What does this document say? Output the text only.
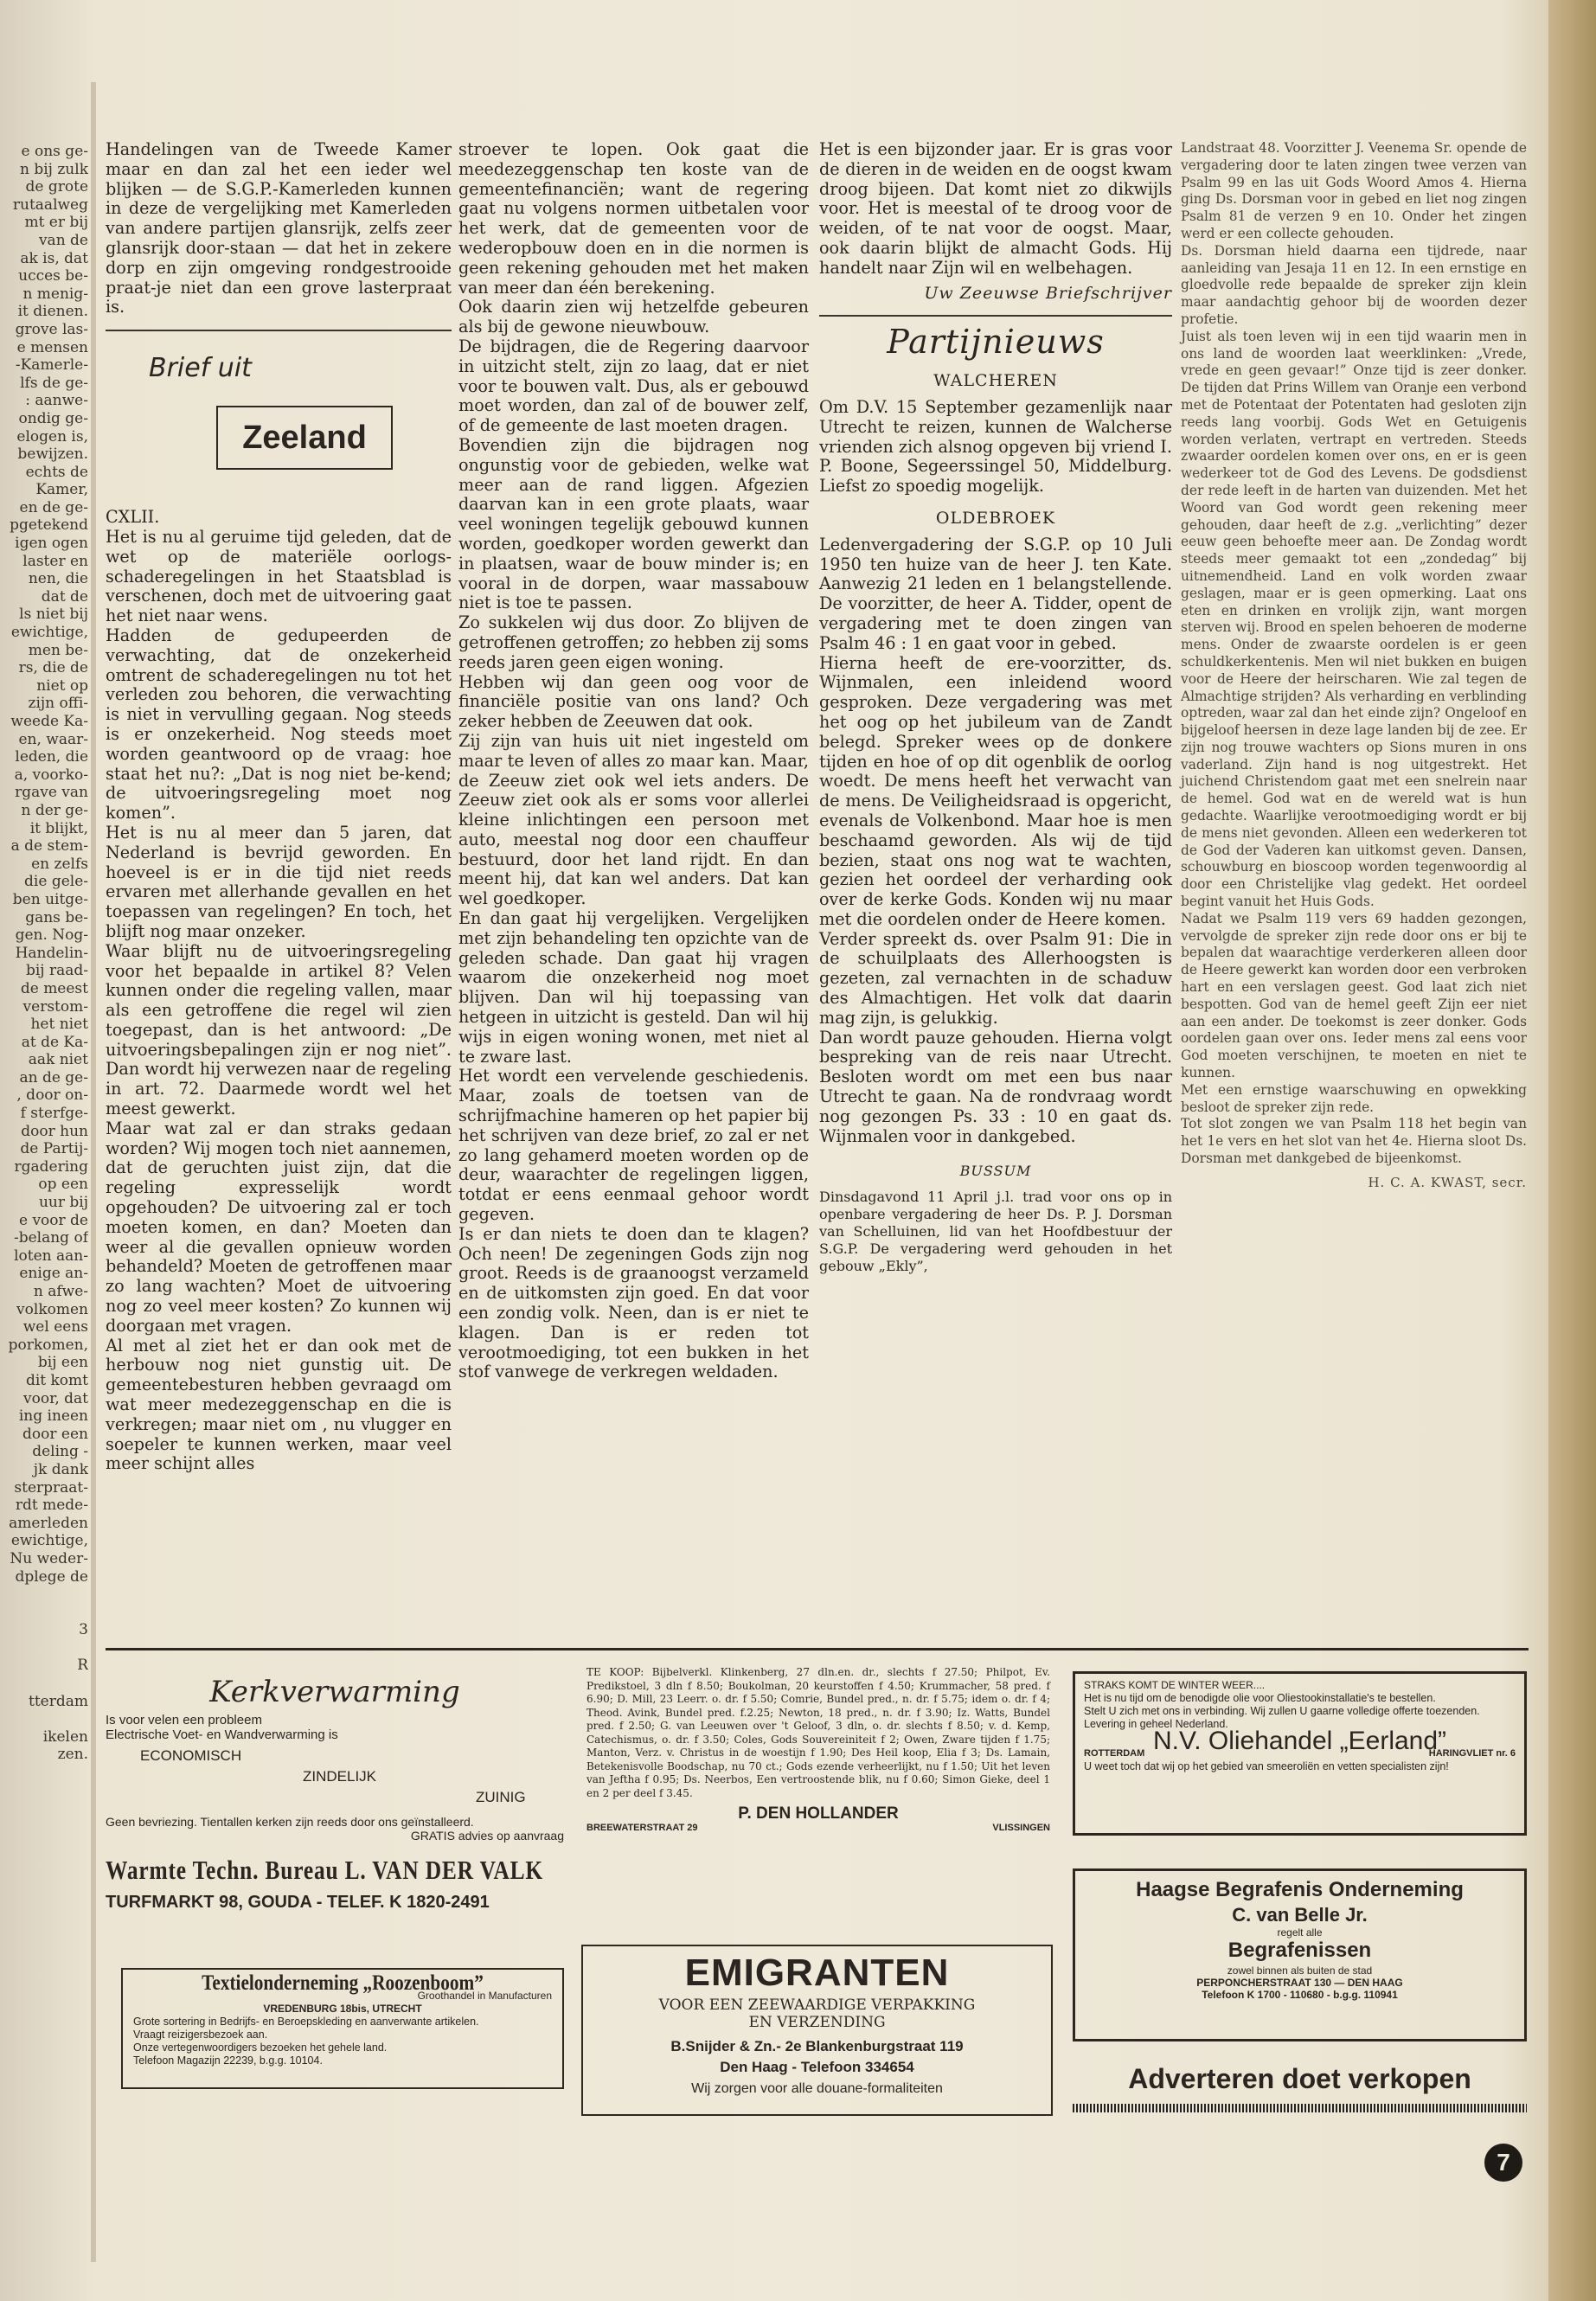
e ons ge-
n bij zulk
de grote
rutaalweg
mt er bij
van de
ak is, dat
ucces be-
n menig-
it dienen.
grove las-
e mensen
-Kamerle-
lfs de ge-
: aanwe-
ondig ge-
elogen is,
bewijzen.
echts de
Kamer,
en de ge-
pgetekend
igen ogen
laster en
nen, die
dat de
ls niet bij
ewichtige,
men be-
rs, die de
niet op
zijn offi-
weede Ka-
en, waar-
leden, die
a, voorko-
rgave van
n der ge-
it blijkt,
a de stem-
en zelfs
die gele-
ben uitge-
gans be-
gen. Nog-
Handelin-
bij raad-
de meest
verstom-
het niet
at de Ka-
aak niet
an de ge-
, door on-
f sterfge-
door hun
de Partij-
rgadering
op een
uur bij
e voor de
-belang of
loten aan-
enige an-
n afwe-
volkomen
wel eens
porkomen,
bij een
dit komt
voor, dat
ing ineen
door een
deling -
jk dank
sterpraat-
rdt mede-
amerleden
ewichtige,
Nu weder-
dplege de

3

R

tterdam

ikelen
zen.

Handelingen van de Tweede Kamer maar en dan zal het een ieder wel blijken — de S.G.P.-Kamerleden kunnen in deze de vergelijking met Kamerleden van andere partijen glansrijk, zelfs zeer glansrijk door-staan — dat het in zekere dorp en zijn omgeving rondgestrooide praat-je niet dan een grove lasterpraat is.

Brief uit
Zeeland

CXLII.

Het is nu al geruime tijd geleden, dat de wet op de materiële oorlogs-schaderegelingen in het Staatsblad is verschenen, doch met de uitvoering gaat het niet naar wens.

Hadden de gedupeerden de verwachting, dat de onzekerheid omtrent de schaderegelingen nu tot het verleden zou behoren, die verwachting is niet in vervulling gegaan. Nog steeds is er onzekerheid. Nog steeds moet worden geantwoord op de vraag: hoe staat het nu?: „Dat is nog niet be-kend; de uitvoeringsregeling moet nog komen”.

Het is nu al meer dan 5 jaren, dat Nederland is bevrijd geworden. En hoeveel is er in die tijd niet reeds ervaren met allerhande gevallen en het toepassen van regelingen? En toch, het blijft nog maar onzeker.

Waar blijft nu de uitvoeringsregeling voor het bepaalde in artikel 8? Velen kunnen onder die regeling vallen, maar als een getroffene die regel wil zien toegepast, dan is het antwoord: „De uitvoeringsbepalingen zijn er nog niet”. Dan wordt hij verwezen naar de regeling in art. 72. Daarmede wordt wel het meest gewerkt.

Maar wat zal er dan straks gedaan worden? Wij mogen toch niet aannemen, dat de geruchten juist zijn, dat die regeling expresselijk wordt opgehouden? De uitvoering zal er toch moeten komen, en dan? Moeten dan weer al die gevallen opnieuw worden behandeld? Moeten de getroffenen maar zo lang wachten? Moet de uitvoering nog zo veel meer kosten? Zo kunnen wij doorgaan met vragen.

Al met al ziet het er dan ook met de herbouw nog niet gunstig uit. De gemeentebesturen hebben gevraagd om wat meer medezeggenschap en die is verkregen; maar niet om , nu vlugger en soepeler te kunnen werken, maar veel meer schijnt alles

stroever te lopen. Ook gaat die meedezeggenschap ten koste van de gemeentefinanciën; want de regering gaat nu volgens normen uitbetalen voor het werk, dat de gemeenten voor de wederopbouw doen en in die normen is geen rekening gehouden met het maken van meer dan één berekening.

Ook daarin zien wij hetzelfde gebeuren als bij de gewone nieuwbouw.

De bijdragen, die de Regering daarvoor in uitzicht stelt, zijn zo laag, dat er niet voor te bouwen valt. Dus, als er gebouwd moet worden, dan zal of de bouwer zelf, of de gemeente de last moeten dragen.

Bovendien zijn die bijdragen nog ongunstig voor de gebieden, welke wat meer aan de rand liggen. Afgezien daarvan kan in een grote plaats, waar veel woningen tegelijk gebouwd kunnen worden, goedkoper worden gewerkt dan in plaatsen, waar de bouw minder is; en vooral in de dorpen, waar massabouw niet is toe te passen.

Zo sukkelen wij dus door. Zo blijven de getroffenen getroffen; zo hebben zij soms reeds jaren geen eigen woning.

Hebben wij dan geen oog voor de financiële positie van ons land? Och zeker hebben de Zeeuwen dat ook.

Zij zijn van huis uit niet ingesteld om maar te leven of alles zo maar kan. Maar, de Zeeuw ziet ook wel iets anders. De Zeeuw ziet ook als er soms voor allerlei kleine inlichtingen een persoon met auto, meestal nog door een chauffeur bestuurd, door het land rijdt. En dan meent hij, dat kan wel anders. Dat kan wel goedkoper.

En dan gaat hij vergelijken. Vergelijken met zijn behandeling ten opzichte van de geleden schade. Dan gaat hij vragen waarom die onzekerheid nog moet blijven. Dan wil hij toepassing van hetgeen in uitzicht is gesteld. Dan wil hij wijs in eigen woning wonen, met niet al te zware last.

Het wordt een vervelende geschiedenis. Maar, zoals de toetsen van de schrijfmachine hameren op het papier bij het schrijven van deze brief, zo zal er net zo lang gehamerd moeten worden op de deur, waarachter de regelingen liggen, totdat er eens eenmaal gehoor wordt gegeven.

Is er dan niets te doen dan te klagen? Och neen! De zegeningen Gods zijn nog groot. Reeds is de graanoogst verzameld en de uitkomsten zijn goed. En dat voor een zondig volk. Neen, dan is er niet te klagen. Dan is er reden tot verootmoediging, tot een bukken in het stof vanwege de verkregen weldaden.

Het is een bijzonder jaar. Er is gras voor de dieren in de weiden en de oogst kwam droog bijeen. Dat komt niet zo dikwijls voor. Het is meestal of te droog voor de weiden, of te nat voor de oogst. Maar, ook daarin blijkt de almacht Gods. Hij handelt naar Zijn wil en welbehagen.

Uw Zeeuwse Briefschrijver

Partijnieuws
WALCHEREN

Om D.V. 15 September gezamenlijk naar Utrecht te reizen, kunnen de Walcherse vrienden zich alsnog opgeven bij vriend I. P. Boone, Segeerssingel 50, Middelburg. Liefst zo spoedig mogelijk.

OLDEBROEK

Ledenvergadering der S.G.P. op 10 Juli 1950 ten huize van de heer J. ten Kate. Aanwezig 21 leden en 1 belangstellende. De voorzitter, de heer A. Tidder, opent de vergadering met te doen zingen van Psalm 46 : 1 en gaat voor in gebed.

Hierna heeft de ere-voorzitter, ds. Wijnmalen, een inleidend woord gesproken. Deze vergadering was met het oog op het jubileum van de Zandt belegd. Spreker wees op de donkere tijden en hoe of op dit ogenblik de oorlog woedt. De mens heeft het verwacht van de mens. De Veiligheidsraad is opgericht, evenals de Volkenbond. Maar hoe is men beschaamd geworden. Als wij de tijd bezien, staat ons nog wat te wachten, gezien het oordeel der verharding ook over de kerke Gods. Konden wij nu maar met die oordelen onder de Heere komen.

Verder spreekt ds. over Psalm 91: Die in de schuilplaats des Allerhoogsten is gezeten, zal vernachten in de schaduw des Almachtigen. Het volk dat daarin mag zijn, is gelukkig.

Dan wordt pauze gehouden. Hierna volgt bespreking van de reis naar Utrecht. Besloten wordt om met een bus naar Utrecht te gaan. Na de rondvraag wordt nog gezongen Ps. 33 : 10 en gaat ds. Wijnmalen voor in dankgebed.

BUSSUM

Dinsdagavond 11 April j.l. trad voor ons op in openbare vergadering de heer Ds. P. J. Dorsman van Schelluinen, lid van het Hoofdbestuur der S.G.P. De vergadering werd gehouden in het gebouw „Ekly”,

Landstraat 48. Voorzitter J. Veenema Sr. opende de vergadering door te laten zingen twee verzen van Psalm 99 en las uit Gods Woord Amos 4. Hierna ging Ds. Dorsman voor in gebed en liet nog zingen Psalm 81 de verzen 9 en 10. Onder het zingen werd er een collecte gehouden.

Ds. Dorsman hield daarna een tijdrede, naar aanleiding van Jesaja 11 en 12. In een ernstige en gloedvolle rede bepaalde de spreker zijn klein maar aandachtig gehoor bij de woorden dezer profetie.

Juist als toen leven wij in een tijd waarin men in ons land de woorden laat weerklinken: „Vrede, vrede en geen gevaar!” Onze tijd is zeer donker. De tijden dat Prins Willem van Oranje een verbond met de Potentaat der Potentaten had gesloten zijn reeds lang voorbij. Gods Wet en Getuigenis worden verlaten, vertrapt en vertreden. Steeds zwaarder oordelen komen over ons, en er is geen wederkeer tot de God des Levens. De godsdienst der rede leeft in de harten van duizenden. Met het Woord van God wordt geen rekening meer gehouden, daar heeft de z.g. „verlichting” dezer eeuw geen behoefte meer aan. De Zondag wordt steeds meer gemaakt tot een „zondedag” bij uitnemendheid. Land en volk worden zwaar geslagen, maar er is geen opmerking. Laat ons eten en drinken en vrolijk zijn, want morgen sterven wij. Brood en spelen behoeren de moderne mens. Onder de zwaarste oordelen is er geen schuldkerkentenis. Men wil niet bukken en buigen voor de Heere der heirscharen. Wie zal tegen de Almachtige strijden? Als verharding en verblinding optreden, waar zal dan het einde zijn? Ongeloof en bijgeloof heersen in deze lage landen bij de zee. Er zijn nog trouwe wachters op Sions muren in ons vaderland. Zijn hand is nog uitgestrekt. Het juichend Christendom gaat met een snelrein naar de hemel. God wat en de wereld wat is hun gedachte. Waarlijke verootmoediging wordt er bij de mens niet gevonden. Alleen een wederkeren tot de God der Vaderen kan uitkomst geven. Dansen, schouwburg en bioscoop worden tegenwoordig al door een Christelijke vlag gedekt. Het oordeel begint vanuit het Huis Gods.

Nadat we Psalm 119 vers 69 hadden gezongen, vervolgde de spreker zijn rede door ons er bij te bepalen dat waarachtige verderkeren alleen door de Heere gewerkt kan worden door een verbroken hart en een verslagen geest. God laat zich niet bespotten. God van de hemel geeft Zijn eer niet aan een ander. De toekomst is zeer donker. Gods oordelen gaan over ons. Ieder mens zal eens voor God moeten verschijnen, te moeten en niet te kunnen.

Met een ernstige waarschuwing en opwekking besloot de spreker zijn rede.

Tot slot zongen we van Psalm 118 het begin van het 1e vers en het slot van het 4e. Hierna sloot Ds. Dorsman met dankgebed de bijeenkomst.

H. C. A. KWAST, secr.

Kerkverwarming
Is voor velen een probleem
Electrische Voet- en Wandverwarming is
ECONOMISCH
ZINDELIJK
ZUINIG
Geen bevriezing. Tientallen kerken zijn reeds door ons geïnstalleerd.
GRATIS advies op aanvraag
Warmte Techn. Bureau L. VAN DER VALK
TURFMARKT 98, GOUDA - TELEF. K 1820-2491
Textielonderneming „Roozenboom”
Groothandel in Manufacturen
VREDENBURG 18bis, UTRECHT
Grote sortering in Bedrijfs- en Beroepskleding en aanverwante artikelen.
Vraagt reizigersbezoek aan.
Onze vertegenwoordigers bezoeken het gehele land.
Telefoon Magazijn 22239, b.g.g. 10104.
TE KOOP: Bijbelverkl. Klinkenberg, 27 dln.en. dr., slechts f 27.50; Philpot, Ev. Predikstoel, 3 dln f 8.50; Boukolman, 20 keurstoffen f 4.50; Krummacher, 58 pred. f 6.90; D. Mill, 23 Leerr. o. dr. f 5.50; Comrie, Bundel pred., n. dr. f 5.75; idem o. dr. f 4; Theod. Avink, Bundel pred. f.2.25; Newton, 18 pred., n. dr. f 3.90; Iz. Watts, Bundel pred. f 2.50; G. van Leeuwen over 't Geloof, 3 dln, o. dr. slechts f 8.50; v. d. Kemp, Catechismus, o. dr. f 3.50; Coles, Gods Souvereiniteit f 2; Owen, Zware tijden f 1.75; Manton, Verz. v. Christus in de woestijn f 1.90; Des Heil koop, Elia f 3; Ds. Lamain, Betekenisvolle Boodschap, nu 70 ct.; Gods ezende verheerlijkt, nu f 1.50; Uit het leven van Jeftha f 0.95; Ds. Neerbos, Een vertroostende blik, nu f 0.60; Simon Gieke, deel 1 en 2 per deel f 3.45.
P. DEN HOLLANDER
BREEWATERSTRAAT 29	VLISSINGEN
EMIGRANTEN
VOOR EEN ZEEWAARDIGE VERPAKKING
EN VERZENDING
B.Snijder & Zn.- 2e Blankenburgstraat 119
Den Haag - Telefoon 334654
Wij zorgen voor alle douane-formaliteiten
STRAKS KOMT DE WINTER WEER....
Het is nu tijd om de benodigde olie voor Oliestookinstallatie's te bestellen.
Stelt U zich met ons in verbinding. Wij zullen U gaarne volledige offerte toezenden.
Levering in geheel Nederland.
N.V. Oliehandel „Eerland”
ROTTERDAM	HARINGVLIET nr. 6
U weet toch dat wij op het gebied van smeeroliën en vetten specialisten zijn!
Haagse Begrafenis Onderneming
C. van Belle Jr.
regelt alle
Begrafenissen
zowel binnen als buiten de stad
PERPONCHERSTRAAT 130 — DEN HAAG
Telefoon K 1700 - 110680 - b.g.g. 110941
Adverteren doet verkopen
7
